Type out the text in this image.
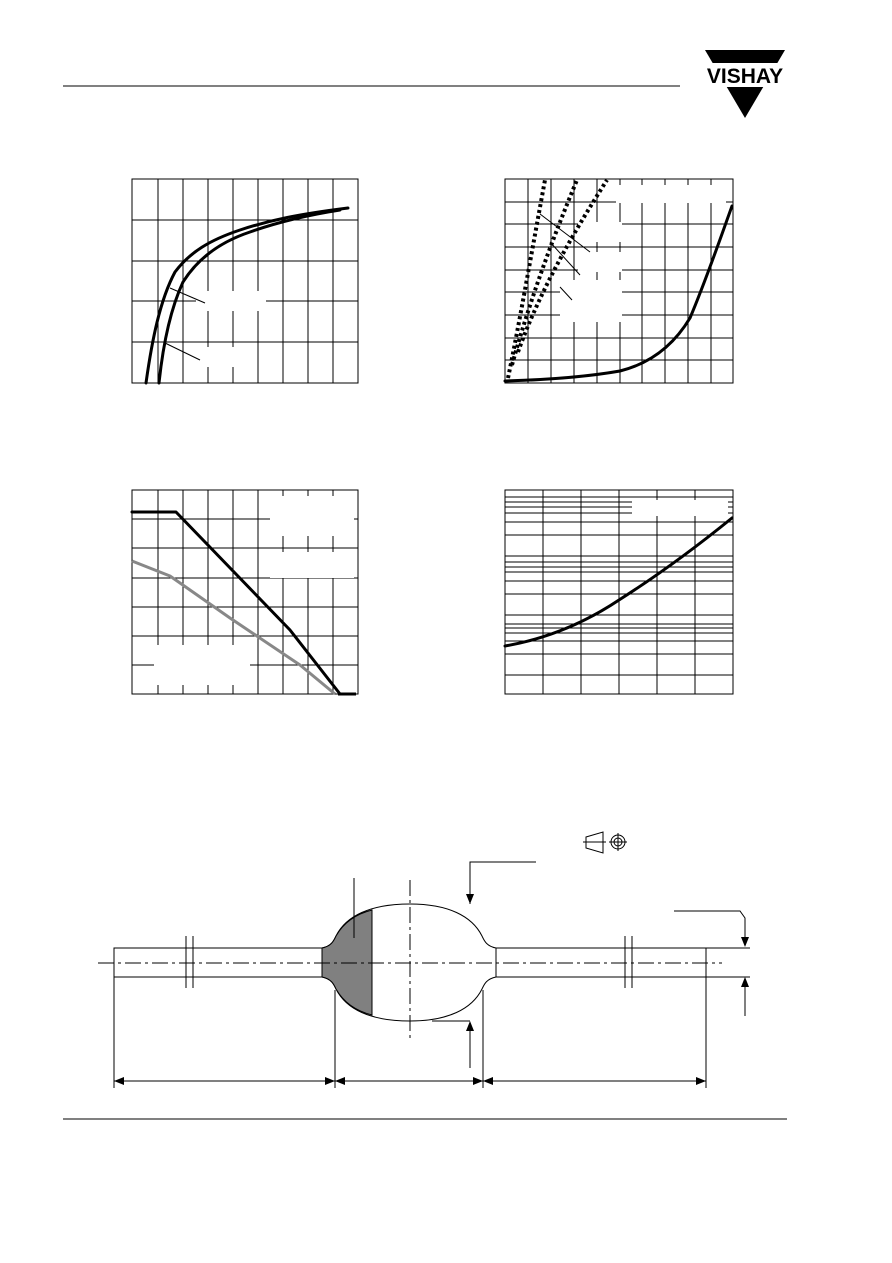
VISHAY
